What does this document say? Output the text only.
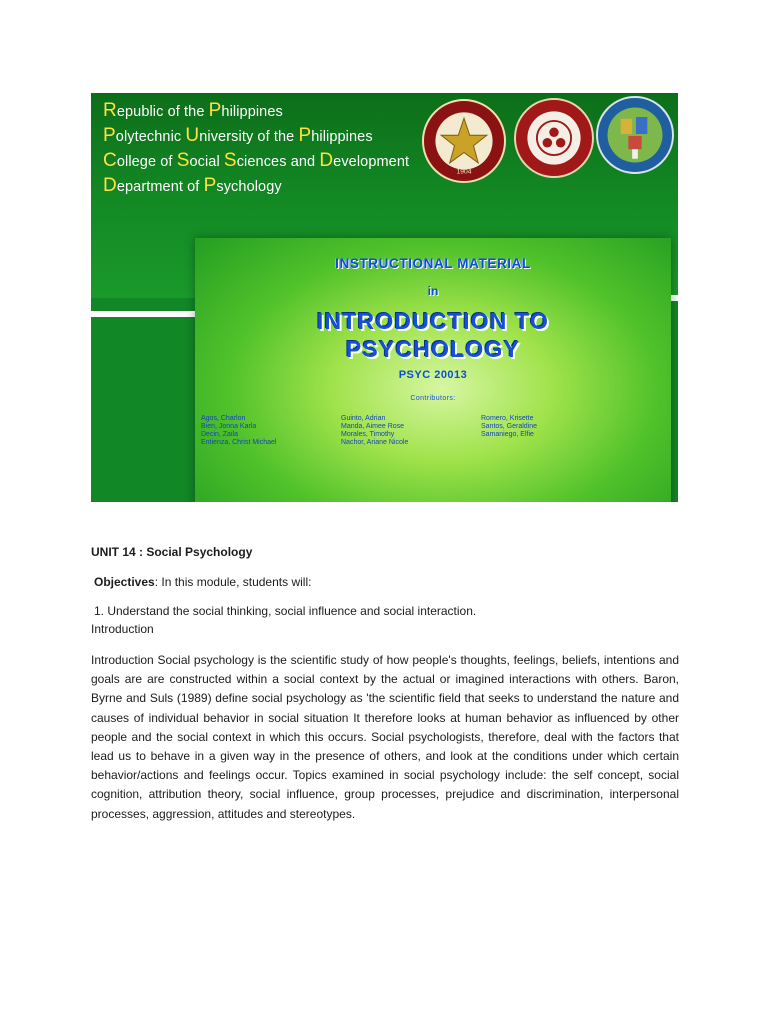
Republic of the Philippines

Polytechnic University of the Philippines

College of Social Sciences and Development

Department of Psychology

1904
INSTRUCTIONAL MATERIAL
in
INTRODUCTION TO
PSYCHOLOGY
PSYC 20013
Contributors:
Agos, Charlon
Bien, Jonna Karla
Decin, Zaila
Entienza, Christ Michael
Guinto, Adrian
Manda, Aimee Rose
Morales, Timothy
Nachor, Ariane Nicole
Romero, Krisette
Santos, Geraldine
Samaniego, Elfie

UNIT 14 : Social Psychology

Objectives: In this module, students will:

1. Understand the social thinking, social influence and social interaction.

Introduction

Introduction Social psychology is the scientific study of how people's thoughts, feelings, beliefs, intentions and goals are are constructed within a social context by the actual or imagined interactions with others. Baron, Byrne and Suls (1989) define social psychology as 'the scientific field that seeks to understand the nature and causes of individual behavior in social situation It therefore looks at human behavior as influenced by other people and the social context in which this occurs. Social psychologists, therefore, deal with the factors that lead us to behave in a given way in the presence of others, and look at the conditions under which certain behavior/actions and feelings occur. Topics examined in social psychology include: the self concept, social cognition, attribution theory, social influence, group processes, prejudice and discrimination, interpersonal processes, aggression, attitudes and stereotypes.
